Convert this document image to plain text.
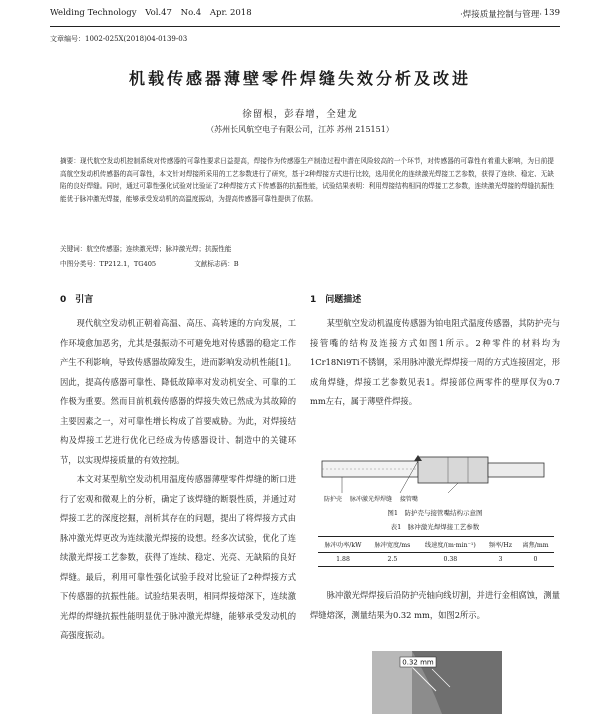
Welding Technology Vol.47 No.4 Apr. 2018	·焊接质量控制与管理· 139
文章编号：1002-025X(2018)04-0139-03
机载传感器薄壁零件焊缝失效分析及改进
徐留根，彭春增，全建龙
（苏州长风航空电子有限公司，江苏 苏州 215151）
摘要：现代航空发动机控制系统对传感器的可靠性要求日益提高，焊接作为传感器生产制造过程中潜在风险较高的一个环节，对传感器的可靠性有着重大影响，为日前提高航空发动机传感器的高可靠性，本文针对焊接所采用的工艺参数进行了研究，基于2种焊接方式进行比较，选用优化的连续激光焊接工艺参数，获得了连续、稳定、无缺陷的良好焊缝。同时，通过可靠性强化试验对比验证了2种焊接方式下传感器的抗振性能，试验结果表明：利用焊接结构相同的焊接工艺参数，连续激光焊接的焊缝抗振性能优于脉冲激光焊接，能够承受发动机的高温度振动，为提高传感器可靠性提供了依据。
关键词：航空传感器；连续激光焊；脉冲激光焊；抗振性能
中图分类号：TP212.1，TG405	文献标志码：B
0　引言

现代航空发动机正朝着高温、高压、高转速的方向发展，工作环境愈加恶劣，尤其是强振动不可避免地对传感器的稳定工作产生不利影响，导致传感器故障发生，进而影响发动机性能[1]。因此，提高传感器可靠性、降低故障率对发动机安全、可靠的工作极为重要。然而目前机载传感器的焊接失效已然成为其故障的主要因素之一，对可靠性增长构成了首要威胁。为此，对焊接结构及焊接工艺进行优化已经成为传感器设计、制造中的关键环节，以实现焊接质量的有效控制。

本文对某型航空发动机用温度传感器薄壁零件焊缝的断口进行了宏观和微观上的分析，确定了该焊缝的断裂性质，并通过对焊接工艺的深度挖掘，剖析其存在的问题，提出了将焊接方式由脉冲激光焊更改为连续激光焊接的设想。经多次试验，优化了连续激光焊接工艺参数，获得了连续、稳定、光亮、无缺陷的良好焊缝。最后，利用可靠性强化试验手段对比验证了2种焊接方式下传感器的抗振性能。试验结果表明，相同焊接熔深下，连续激光焊的焊缝抗振性能明显优于脉冲激光焊缝，能够承受发动机的高强度振动。

1　问题描述

某型航空发动机温度传感器为铂电阻式温度传感器，其防护壳与接管嘴的结构及连接方式如图1所示。2种零件的材料均为1Cr18Ni9Ti不锈钢，采用脉冲激光焊焊接一周的方式连接固定，形成角焊缝，焊接工艺参数见表1。焊接部位两零件的壁厚仅为0.7 mm左右，属于薄壁件焊接。

防护壳 脉冲激光焊焊缝 接管嘴
图1　防护壳与接管嘴结构示意图
表1　脉冲激光焊焊接工艺参数
脉冲功率/kW	脉冲宽度/ms	线速度/(m·min⁻¹)	频率/Hz	离焦/mm
1.88	2.5	0.38	3	0

脉冲激光焊焊接后沿防护壳轴向线切割，并进行金相腐蚀，测量焊缝熔深，测量结果为0.32 mm，如图2所示。

0.32 mm
